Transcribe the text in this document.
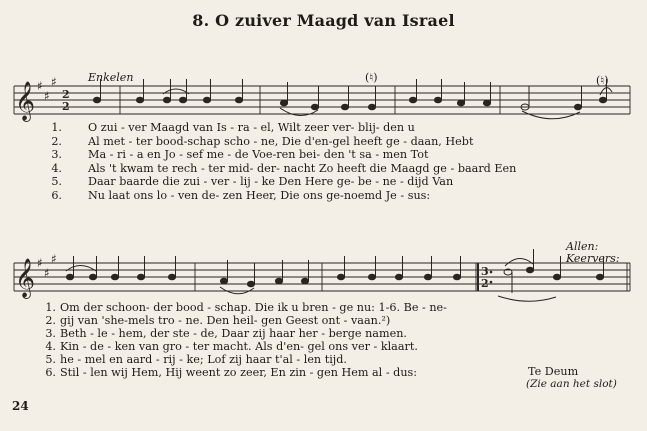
8. O zuiver Maagd van Israel
Enkelen
Allen:
Keervers:
(♮)	(♮)
𝄞
𝄞
♯
♯
♯
♯
♯
♯
2
2
3
2
1. O zui - ver Maagd van Is - ra - el, Wilt zeer ver- blij- den u
2. Al met - ter bood-schap scho - ne, Die d'en-gel heeft ge - daan, Hebt
3. Ma - ri - a en Jo - sef me - de Voe-ren bei- den 't sa - men Tot
4. Als 't kwam te rech - ter mid- der- nacht Zo heeft die Maagd ge - baard Een
5. Daar baarde die zui - ver - lij - ke Den Here ge- be - ne - dijd Van
6. Nu laat ons lo - ven de- zen Heer, Die ons ge-noemd Je - sus:
1. Om der schoon- der bood - schap. Die ik u bren - ge nu: 1-6. Be - ne-
2. gij van 'she-mels tro - ne. Den heil- gen Geest ont - vaan.²)
3. Beth - le - hem, der ste - de, Daar zij haar her - berge namen.
4. Kin - de - ken van gro - ter macht. Als d'en- gel ons ver - klaart.
5. he - mel en aard - rij - ke; Lof zij haar t'al - len tijd.
6. Stil - len wij Hem, Hij weent zo zeer, En zin - gen Hem al - dus:	Te Deum
(Zie aan het slot)
24
